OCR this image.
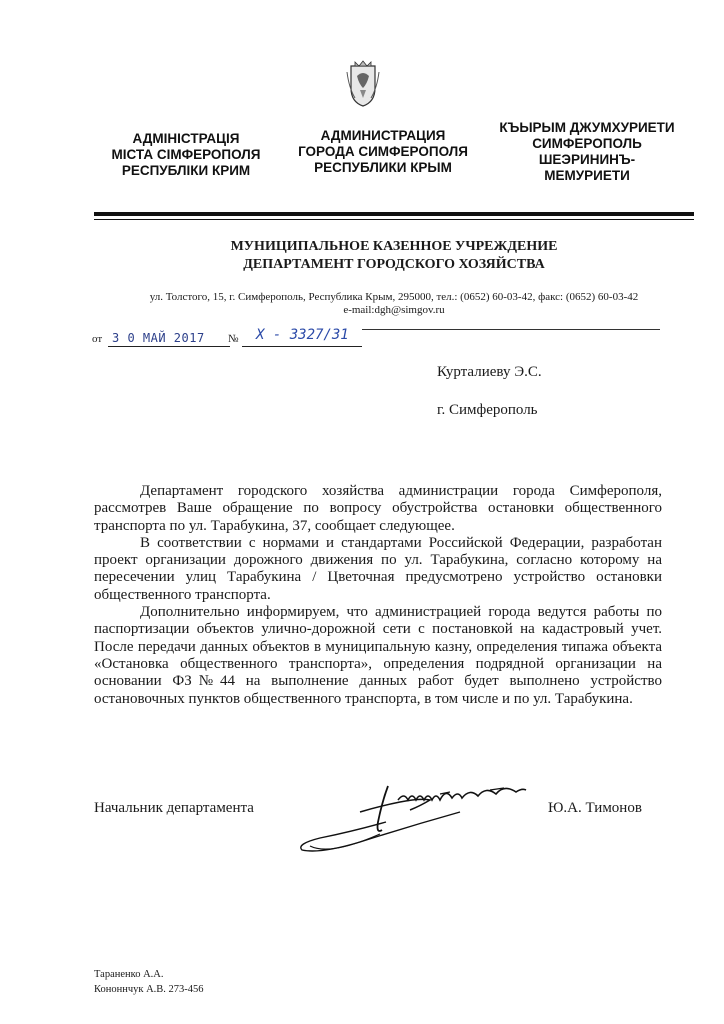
АДМІНІСТРАЦІЯ
МІСТА СІМФЕРОПОЛЯ
РЕСПУБЛІКИ КРИМ
АДМИНИСТРАЦИЯ
ГОРОДА СИМФЕРОПОЛЯ
РЕСПУБЛИКИ КРЫМ
КЪЫРЫМ ДЖУМХУРИЕТИ
СИМФЕРОПОЛЬ
ШЕЭРИНИНЪ-
МЕМУРИЕТИ
МУНИЦИПАЛЬНОЕ КАЗЕННОЕ УЧРЕЖДЕНИЕ
ДЕПАРТАМЕНТ ГОРОДСКОГО ХОЗЯЙСТВА
ул. Толстого, 15, г. Симферополь, Республика Крым, 295000, тел.: (0652) 60-03-42, факс: (0652) 60-03-42
e-mail:dgh@simgov.ru
от 3 0 МАЙ 2017 № Х - 3327/31
Курталиеву Э.С.
г. Симферополь

Департамент городского хозяйства администрации города Симферополя, рассмотрев Ваше обращение по вопросу обустройства остановки общественного транспорта по ул. Тарабукина, 37, сообщает следующее.

В соответствии с нормами и стандартами Российской Федерации, разработан проект организации дорожного движения по ул. Тарабукина, согласно которому на пересечении улиц Тарабукина / Цветочная предусмотрено устройство остановки общественного транспорта.

Дополнительно информируем, что администрацией города ведутся работы по паспортизации объектов улично-дорожной сети с постановкой на кадастровый учет. После передачи данных объектов в муниципальную казну, определения типажа объекта «Остановка общественного транспорта», определения подрядной организации на основании ФЗ№44 на выполнение данных работ будет выполнено устройство остановочных пунктов общественного транспорта, в том числе и по ул. Тарабукина.

Начальник департамента	Ю.А. Тимонов
Тараненко А.А.
Кононнчук А.В. 273-456
